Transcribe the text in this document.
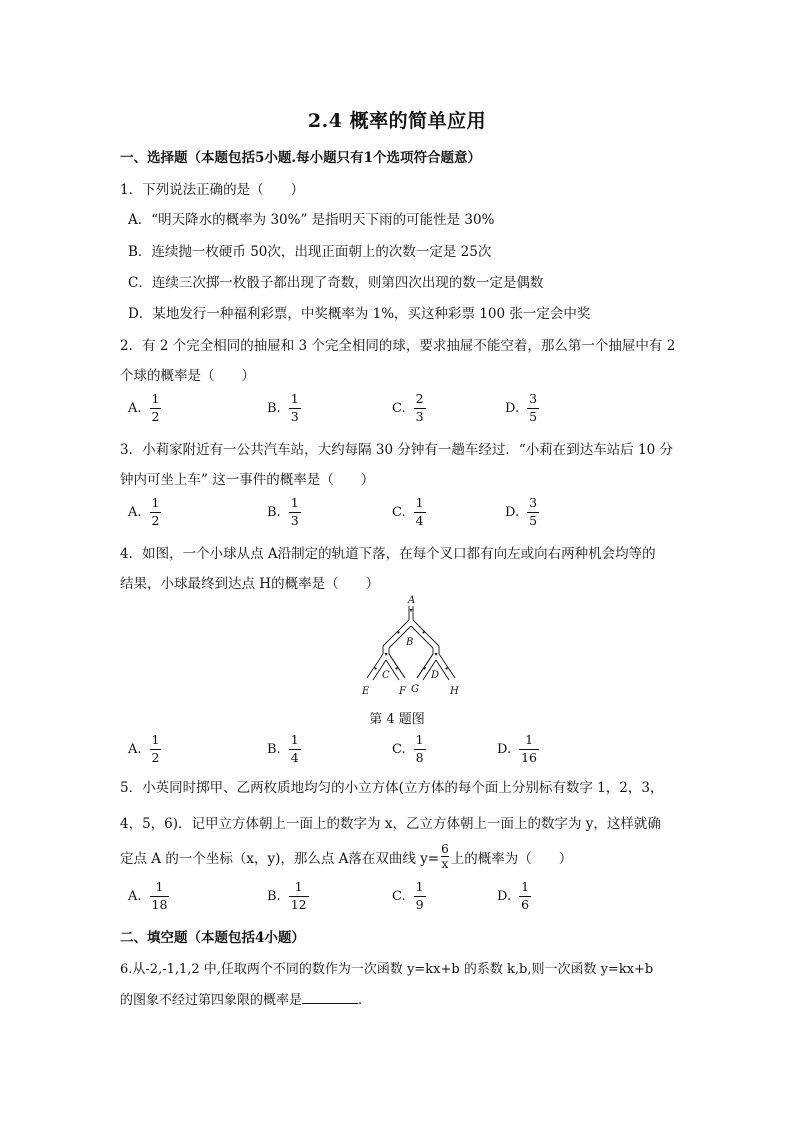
2.4 概率的简单应用
一、选择题（本题包括5小题.每小题只有1个选项符合题意）
1．下列说法正确的是（　　）
A．“明天降水的概率为 30%” 是指明天下雨的可能性是 30%
B．连续抛一枚硬币 50次，出现正面朝上的次数一定是 25次
C．连续三次掷一枚骰子都出现了奇数，则第四次出现的数一定是偶数
D．某地发行一种福利彩票，中奖概率为 1%，买这种彩票 100 张一定会中奖
2．有 2 个完全相同的抽屉和 3 个完全相同的球，要求抽屉不能空着，那么第一个抽屉中有 2
个球的概率是（　　）
A. $\frac{1}{2}$	B. $\frac{1}{3}$	C. $\frac{2}{3}$	D. $\frac{3}{5}$
3．小莉家附近有一公共汽车站，大约每隔 30 分钟有一趟车经过．“小莉在到达车站后 10 分
钟内可坐上车” 这一事件的概率是（　　）
A. $\frac{1}{2}$	B. $\frac{1}{3}$	C. $\frac{1}{4}$	D. $\frac{3}{5}$
4．如图，一个小球从点 A沿制定的轨道下落，在每个叉口都有向左或向右两种机会均等的
结果，小球最终到达点 H的概率是（　　）
A
B
C	D
E	F G	H
第 4 题图
A. $\frac{1}{2}$	B. $\frac{1}{4}$	C. $\frac{1}{8}$	D. $\frac{1}{16}$
5．小英同时掷甲、乙两枚质地均匀的小立方体(立方体的每个面上分别标有数字 1，2，3，
4，5，6)．记甲立方体朝上一面上的数字为 x，乙立方体朝上一面上的数字为 y，这样就确
定点 A 的一个坐标（x，y)，那么点 A落在双曲线 $y= \frac{6}{x}$ 上的概率为（　　）
A. $\frac{1}{18}$	B. $\frac{1}{12}$	C. $\frac{1}{9}$	D. $\frac{1}{6}$
二、填空题（本题包括4小题）
6.从-2,-1,1,2 中,任取两个不同的数作为一次函数 y=kx+b 的系数 k,b,则一次函数 y=kx+b
的图象不经过第四象限的概率是	.
